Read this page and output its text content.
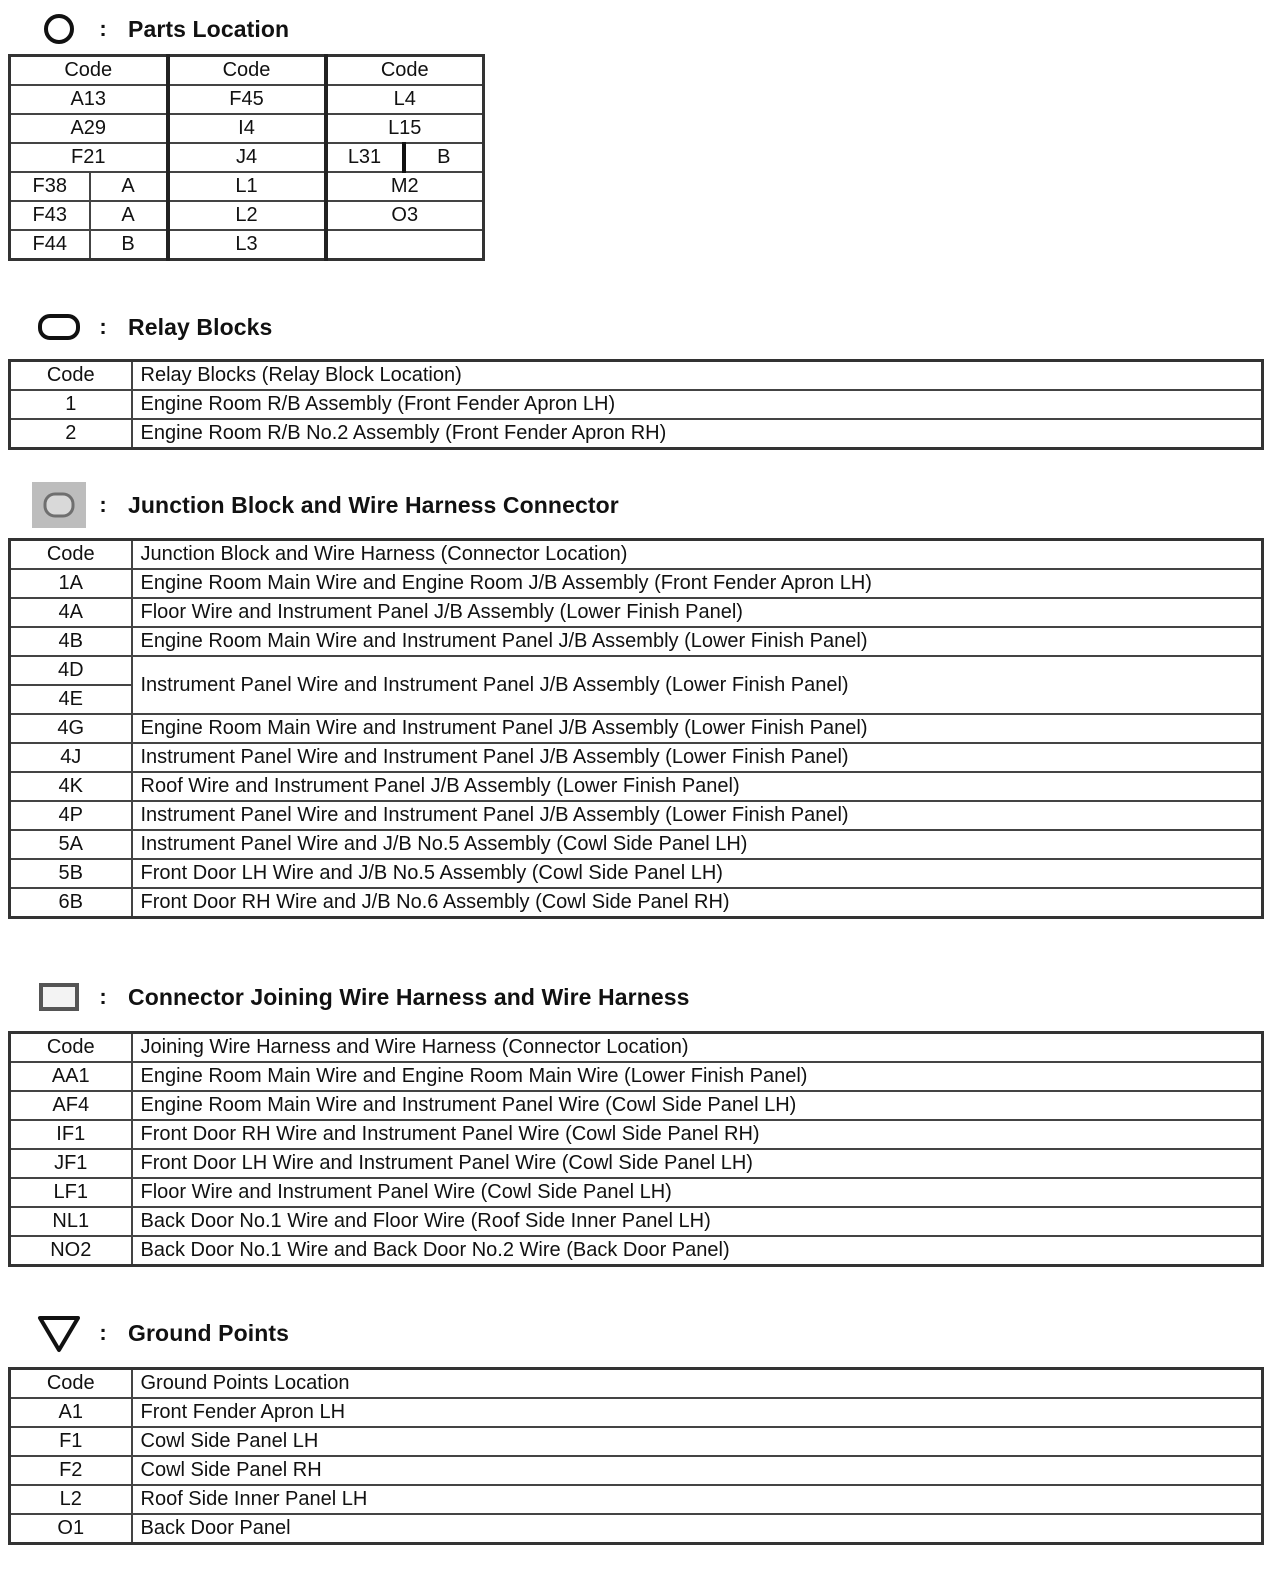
: Parts Location
Code		Code	Code	
A13		F45	L4	
A29		I4	L15	
F21		J4	L31	B
F38	A	L1	M2	
F43	A	L2	O3	
F44	B	L3		
: Relay Blocks
Code	Relay Blocks (Relay Block Location)
1	Engine Room R/B Assembly (Front Fender Apron LH)
2	Engine Room R/B No.2 Assembly (Front Fender Apron RH)
: Junction Block and Wire Harness Connector
Code	Junction Block and Wire Harness (Connector Location)
1A	Engine Room Main Wire and Engine Room J/B Assembly (Front Fender Apron LH)
4A	Floor Wire and Instrument Panel J/B Assembly (Lower Finish Panel)
4B	Engine Room Main Wire and Instrument Panel J/B Assembly (Lower Finish Panel)
4D	Instrument Panel Wire and Instrument Panel J/B Assembly (Lower Finish Panel)
4E	
4G	Engine Room Main Wire and Instrument Panel J/B Assembly (Lower Finish Panel)
4J	Instrument Panel Wire and Instrument Panel J/B Assembly (Lower Finish Panel)
4K	Roof Wire and Instrument Panel J/B Assembly (Lower Finish Panel)
4P	Instrument Panel Wire and Instrument Panel J/B Assembly (Lower Finish Panel)
5A	Instrument Panel Wire and J/B No.5 Assembly (Cowl Side Panel LH)
5B	Front Door LH Wire and J/B No.5 Assembly (Cowl Side Panel LH)
6B	Front Door RH Wire and J/B No.6 Assembly (Cowl Side Panel RH)
: Connector Joining Wire Harness and Wire Harness
Code	Joining Wire Harness and Wire Harness (Connector Location)
AA1	Engine Room Main Wire and Engine Room Main Wire (Lower Finish Panel)
AF4	Engine Room Main Wire and Instrument Panel Wire (Cowl Side Panel LH)
IF1	Front Door RH Wire and Instrument Panel Wire (Cowl Side Panel RH)
JF1	Front Door LH Wire and Instrument Panel Wire (Cowl Side Panel LH)
LF1	Floor Wire and Instrument Panel Wire (Cowl Side Panel LH)
NL1	Back Door No.1 Wire and Floor Wire (Roof Side Inner Panel LH)
NO2	Back Door No.1 Wire and Back Door No.2 Wire (Back Door Panel)
: Ground Points
Code	Ground Points Location
A1	Front Fender Apron LH
F1	Cowl Side Panel LH
F2	Cowl Side Panel RH
L2	Roof Side Inner Panel LH
O1	Back Door Panel
